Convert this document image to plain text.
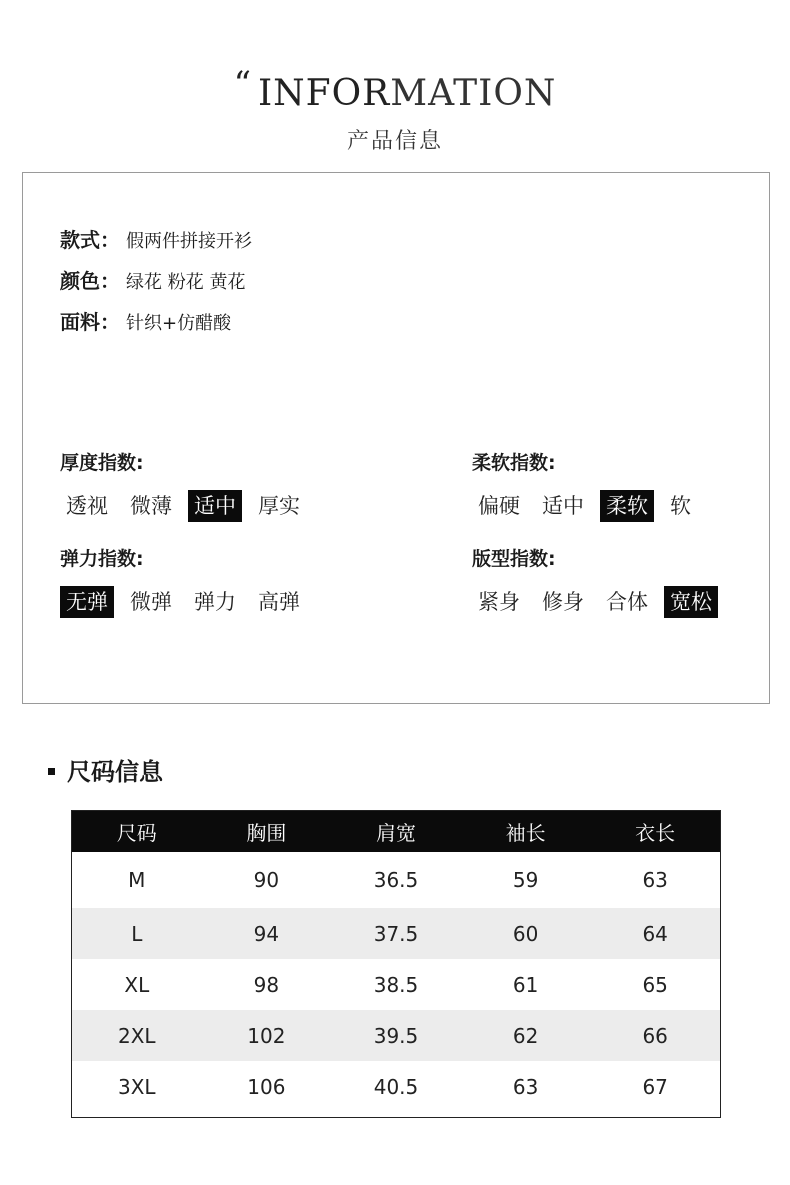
“ INFORMATION
产品信息
款式： 假两件拼接开衫
颜色： 绿花 粉花 黄花
面料： 针织+仿醋酸
厚度指数:
透视 微薄 适中 厚实
柔软指数:
偏硬 适中 柔软 软
弹力指数:
无弹 微弹 弹力 高弹
版型指数:
紧身 修身 合体 宽松
尺码信息
尺码	胸围	肩宽	袖长	衣长
M	90	36.5	59	63
L	94	37.5	60	64
XL	98	38.5	61	65
2XL	102	39.5	62	66
3XL	106	40.5	63	67
